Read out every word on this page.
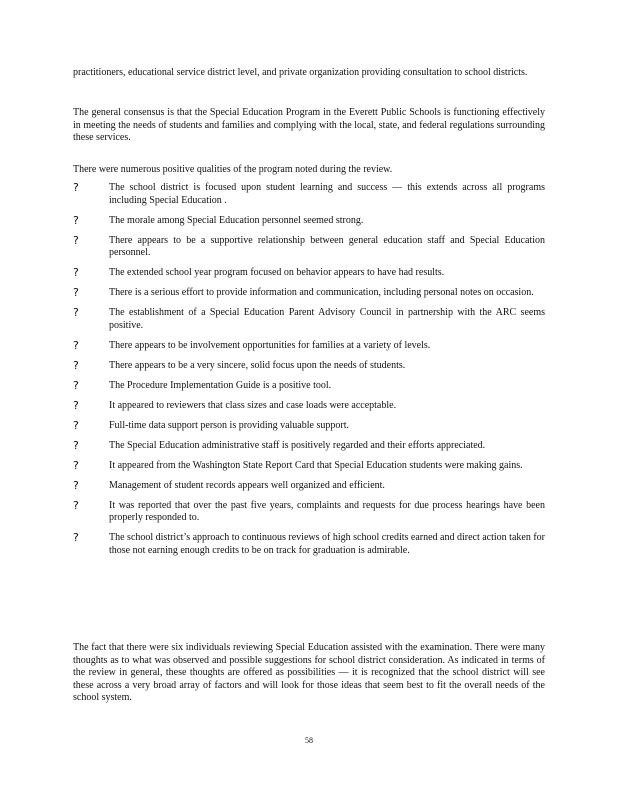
practitioners, educational service district level, and private organization providing consultation to school districts.

The general consensus is that the Special Education Program in the Everett Public Schools is functioning effectively in meeting the needs of students and families and complying with the local, state, and federal regulations surrounding these services.

There were numerous positive qualities of the program noted during the review.

?	The school district is focused upon student learning and success — this extends across all programs including Special Education .
?	The morale among Special Education personnel seemed strong.
?	There appears to be a supportive relationship between general education staff and Special Education personnel.
?	The extended school year program focused on behavior appears to have had results.
?	There is a serious effort to provide information and communication, including personal notes on occasion.
?	The establishment of a Special Education Parent Advisory Council in partnership with the ARC seems positive.
?	There appears to be involvement opportunities for families at a variety of levels.
?	There appears to be a very sincere, solid focus upon the needs of students.
?	The Procedure Implementation Guide is a positive tool.
?	It appeared to reviewers that class sizes and case loads were acceptable.
?	Full-time data support person is providing valuable support.
?	The Special Education administrative staff is positively regarded and their efforts appreciated.
?	It appeared from the Washington State Report Card that Special Education students were making gains.
?	Management of student records appears well organized and efficient.
?	It was reported that over the past five years, complaints and requests for due process hearings have been properly responded to.
?	The school district’s approach to continuous reviews of high school credits earned and direct action taken for those not earning enough credits to be on track for graduation is admirable.

The fact that there were six individuals reviewing Special Education assisted with the examination. There were many thoughts as to what was observed and possible suggestions for school district consideration. As indicated in terms of the review in general, these thoughts are offered as possibilities — it is recognized that the school district will see these across a very broad array of factors and will look for those ideas that seem best to fit the overall needs of the school system.

58
